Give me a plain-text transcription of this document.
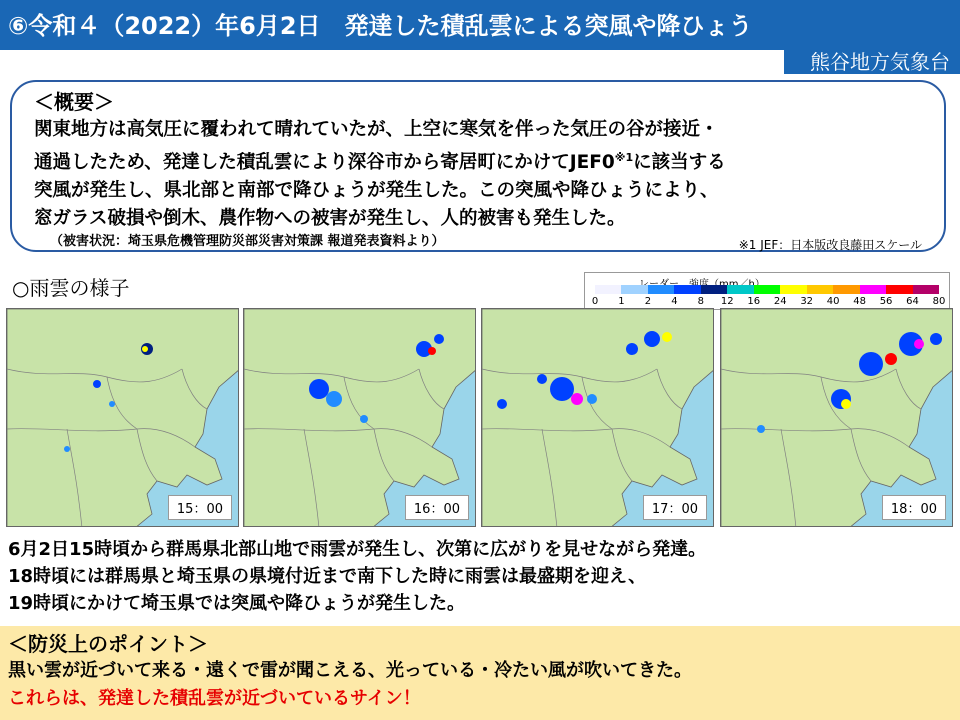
⑥令和４（2022）年6月2日　発達した積乱雲による突風や降ひょう
熊谷地方気象台
＜概要＞
関東地方は高気圧に覆われて晴れていたが、上空に寒気を伴った気圧の谷が接近・
通過したため、発達した積乱雲により深谷市から寄居町にかけてJEF0$^{※1}$に該当する
突風が発生し、県北部と南部で降ひょうが発生した。この突風や降ひょうにより、
窓ガラス破損や倒木、農作物への被害が発生し、人的被害も発生した。
（被害状況：埼玉県危機管理防災部災害対策課 報道発表資料より）	※1 JEF：日本版改良藤田スケール
○雨雲の様子
0 1 2 4 8 12 16 24 32 40 48 56 64 80
15：00	16：00	17：00	18：00
6月2日15時頃から群馬県北部山地で雨雲が発生し、次第に広がりを見せながら発達。
18時頃には群馬県と埼玉県の県境付近まで南下した時に雨雲は最盛期を迎え、
19時頃にかけて埼玉県では突風や降ひょうが発生した。
＜防災上のポイント＞
黒い雲が近づいて来る・遠くで雷が聞こえる、光っている・冷たい風が吹いてきた。
これらは、発達した積乱雲が近づいているサイン！
